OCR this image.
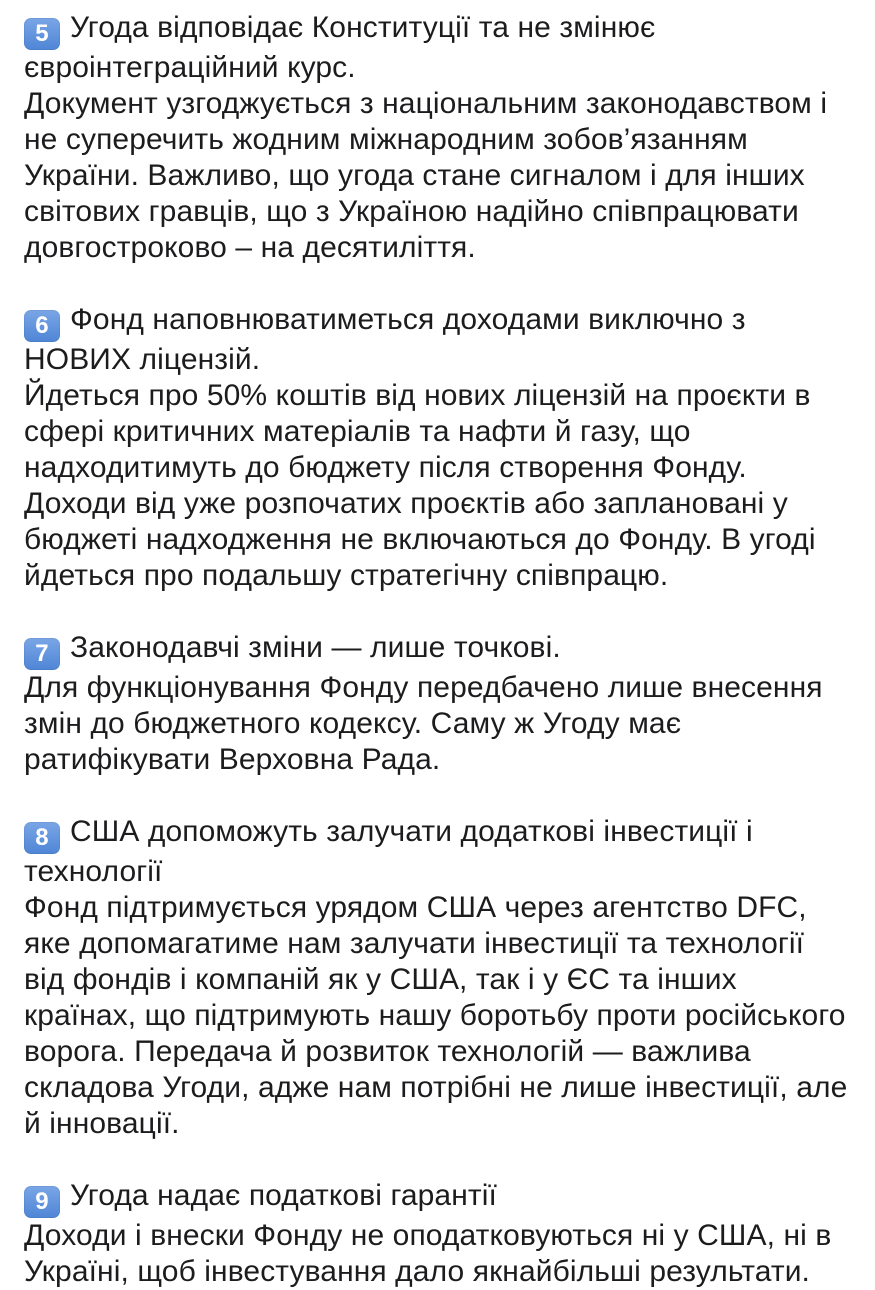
5 Угода відповідає Конституції та не змінює євроінтеграційний курс.

Документ узгоджується з національним законодавством і не суперечить жодним міжнародним зобов’язанням України. Важливо, що угода стане сигналом і для інших світових гравців, що з Україною надійно співпрацювати довгостроково – на десятиліття.

6 Фонд наповнюватиметься доходами виключно з НОВИХ ліцензій.

Йдеться про 50% коштів від нових ліцензій на проєкти в сфері критичних матеріалів та нафти й газу, що надходитимуть до бюджету після створення Фонду. Доходи від уже розпочатих проєктів або заплановані у бюджеті надходження не включаються до Фонду. В угоді йдеться про подальшу стратегічну співпрацю.

7 Законодавчі зміни — лише точкові.

Для функціонування Фонду передбачено лише внесення змін до бюджетного кодексу. Саму ж Угоду має ратифікувати Верховна Рада.

8 США допоможуть залучати додаткові інвестиції і технології

Фонд підтримується урядом США через агентство DFC, яке допомагатиме нам залучати інвестиції та технології від фондів і компаній як у США, так і у ЄС та інших країнах, що підтримують нашу боротьбу проти російського ворога. Передача й розвиток технологій — важлива складова Угоди, адже нам потрібні не лише інвестиції, але й інновації.

9 Угода надає податкові гарантії

Доходи і внески Фонду не оподатковуються ні у США, ні в Україні, щоб інвестування дало якнайбільші результати.
